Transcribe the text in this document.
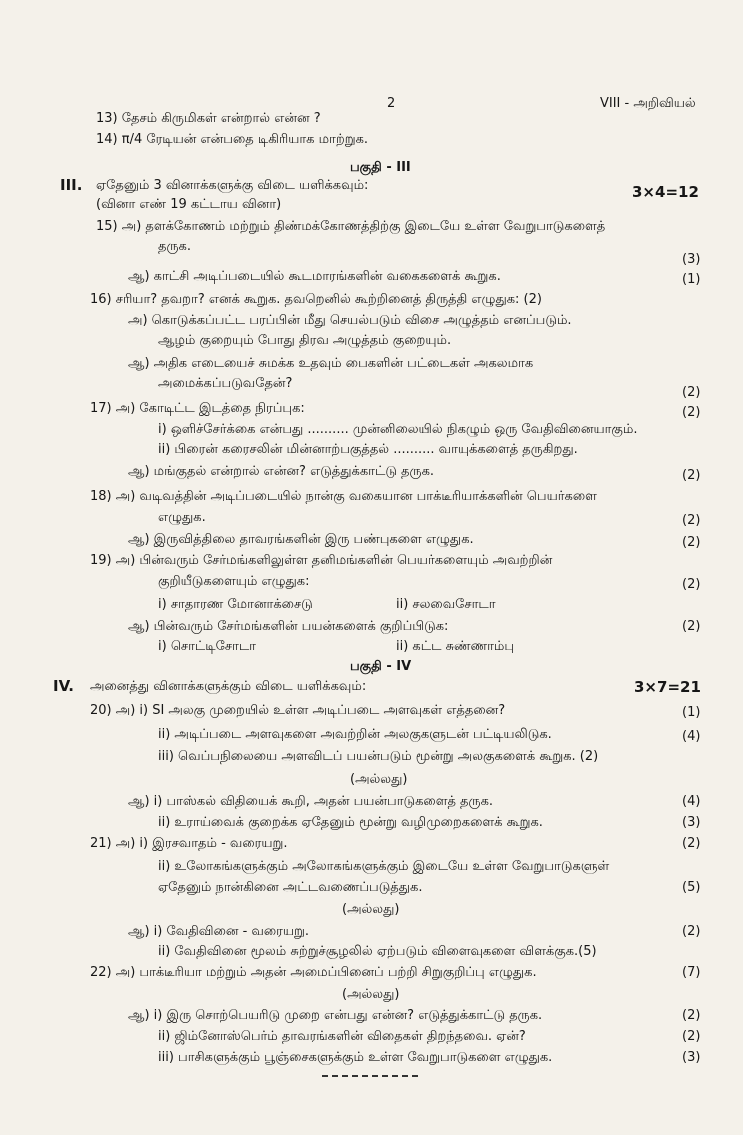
2	VIII - அறிவியல்
13) தேசம் கிருமிகள் என்றால் என்ன ?
14) π/4 ரேடியன் என்பதை டிகிரியாக மாற்றுக.
பகுதி - III
III. ஏதேனும் 3 வினாக்களுக்கு விடை யளிக்கவும்:	3×4=12
(வினா எண் 19 கட்டாய வினா)
15) அ) தளக்கோணம் மற்றும் திண்மக்கோணத்திற்கு இடையே உள்ள வேறுபாடுகளைத்
தருக.
(3)
ஆ) காட்சி அடிப்படையில் கூடமாரங்களின் வகைகளைக் கூறுக.	(1)
16) சரியா? தவறா? எனக் கூறுக. தவறெனில் கூற்றினைத் திருத்தி எழுதுக: (2)
அ) கொடுக்கப்பட்ட பரப்பின் மீது செயல்படும் விசை அழுத்தம் எனப்படும்.
ஆழம் குறையும் போது திரவ அழுத்தம் குறையும்.
ஆ) அதிக எடையைச் சுமக்க உதவும் பைகளின் பட்டைகள் அகலமாக
அமைக்கப்படுவதேன்?
(2)
17) அ) கோடிட்ட இடத்தை நிரப்புக:	(2)
i) ஒளிச்சேர்க்கை என்பது .......... முன்னிலையில் நிகழும் ஒரு வேதிவினையாகும்.
ii) பிரைன் கரைசலின் மின்னாற்பகுத்தல் .......... வாயுக்களைத் தருகிறது.
ஆ) மங்குதல் என்றால் என்ன? எடுத்துக்காட்டு தருக.	(2)
18) அ) வடிவத்தின் அடிப்படையில் நான்கு வகையான பாக்டீரியாக்களின் பெயர்களை
எழுதுக.	(2)
ஆ) இருவித்திலை தாவரங்களின் இரு பண்புகளை எழுதுக.	(2)
19) அ) பின்வரும் சேர்மங்களிலுள்ள தனிமங்களின் பெயர்களையும் அவற்றின்
குறியீடுகளையும் எழுதுக:	(2)
i) சாதாரண மோனாக்சைடு	ii) சலவைசோடா
ஆ) பின்வரும் சேர்மங்களின் பயன்களைக் குறிப்பிடுக:	(2)
i) சொட்டிசோடா	ii) கட்ட சுண்ணாம்பு
பகுதி - IV
IV. அனைத்து வினாக்களுக்கும் விடை யளிக்கவும்:	3×7=21
20) அ) i) SI அலகு முறையில் உள்ள அடிப்படை அளவுகள் எத்தனை?	(1)
ii) அடிப்படை அளவுகளை அவற்றின் அலகுகளுடன் பட்டியலிடுக.	(4)
iii) வெப்பநிலையை அளவிடப் பயன்படும் மூன்று அலகுகளைக் கூறுக. (2)
(அல்லது)
ஆ) i) பாஸ்கல் விதியைக் கூறி, அதன் பயன்பாடுகளைத் தருக.	(4)
ii) உராய்வைக் குறைக்க ஏதேனும் மூன்று வழிமுறைகளைக் கூறுக.	(3)
21) அ) i) இரசவாதம் - வரையறு.	(2)
ii) உலோகங்களுக்கும் அலோகங்களுக்கும் இடையே உள்ள வேறுபாடுகளுள்
ஏதேனும் நான்கினை அட்டவணைப்படுத்துக.	(5)
(அல்லது)
ஆ) i) வேதிவினை - வரையறு.	(2)
ii) வேதிவினை மூலம் சுற்றுச்சூழலில் ஏற்படும் விளைவுகளை விளக்குக.(5)
22) அ) பாக்டீரியா மற்றும் அதன் அமைப்பினைப் பற்றி சிறுகுறிப்பு எழுதுக.	(7)
(அல்லது)
ஆ) i) இரு சொற்பெயரிடு முறை என்பது என்ன? எடுத்துக்காட்டு தருக.	(2)
ii) ஜிம்னோஸ்பெர்ம் தாவரங்களின் விதைகள் திறந்தவை. ஏன்?	(2)
iii) பாசிகளுக்கும் பூஞ்சைகளுக்கும் உள்ள வேறுபாடுகளை எழுதுக.	(3)
